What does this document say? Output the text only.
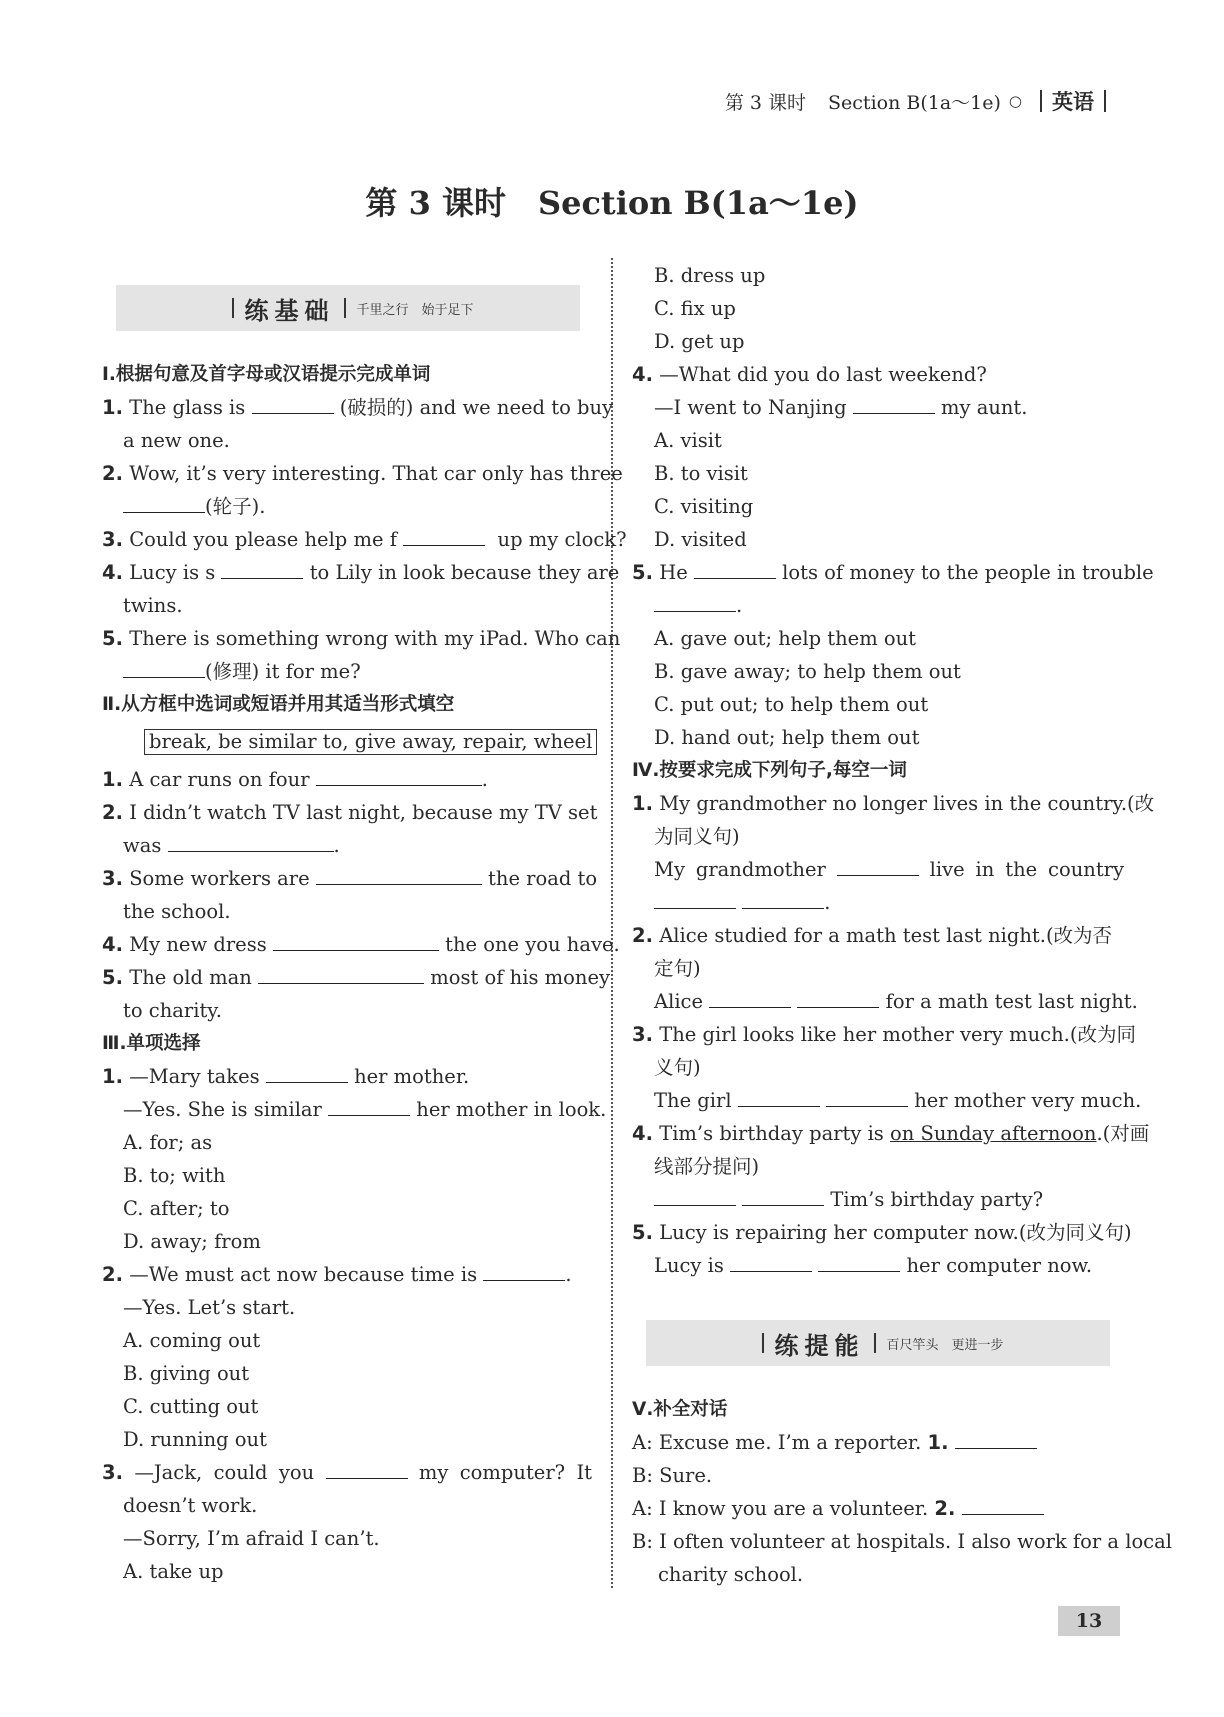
第 3 课时 Section B(1a～1e) ○ 英语
第 3 课时　Section B(1a～1e)
练基础 千里之行　始于足下
Ⅰ.根据句意及首字母或汉语提示完成单词
1. The glass is	(破损的) and we need to buy
a new one.
2. Wow, it’s very interesting. That car only has three
(轮子).
3. Could you please help me f	up my clock?
4. Lucy is s	to Lily in look because they are
twins.
5. There is something wrong with my iPad. Who can
(修理) it for me?
Ⅱ.从方框中选词或短语并用其适当形式填空
break, be similar to, give away, repair, wheel
1. A car runs on four	.
2. I didn’t watch TV last night, because my TV set
was	.
3. Some workers are	the road to
the school.
4. My new dress	the one you have.
5. The old man	most of his money
to charity.
Ⅲ.单项选择
1. —Mary takes	her mother.
—Yes. She is similar	her mother in look.
A. for; as
B. to; with
C. after; to
D. away; from
2. —We must act now because time is	.
—Yes. Let’s start.
A. coming out
B. giving out
C. cutting out
D. running out
3. —Jack, could you	my computer? It
doesn’t work.
—Sorry, I’m afraid I can’t.
A. take up
B. dress up
C. fix up
D. get up
4. —What did you do last weekend?
—I went to Nanjing	my aunt.
A. visit
B. to visit
C. visiting
D. visited
5. He	lots of money to the people in trouble
.
A. gave out; help them out
B. gave away; to help them out
C. put out; to help them out
D. hand out; help them out
Ⅳ.按要求完成下列句子,每空一词
1. My grandmother no longer lives in the country.(改
为同义句)
My grandmother	live in the country
.
2. Alice studied for a math test last night.(改为否
定句)
Alice	for a math test last night.
3. The girl looks like her mother very much.(改为同
义句)
The girl	her mother very much.
4. Tim’s birthday party is on Sunday afternoon.(对画
线部分提问)
Tim’s birthday party?
5. Lucy is repairing her computer now.(改为同义句)
Lucy is	her computer now.
练提能 百尺竿头　更进一步
Ⅴ.补全对话
A: Excuse me. I’m a reporter. 1.
B: Sure.
A: I know you are a volunteer. 2.
B: I often volunteer at hospitals. I also work for a local
charity school.
13
